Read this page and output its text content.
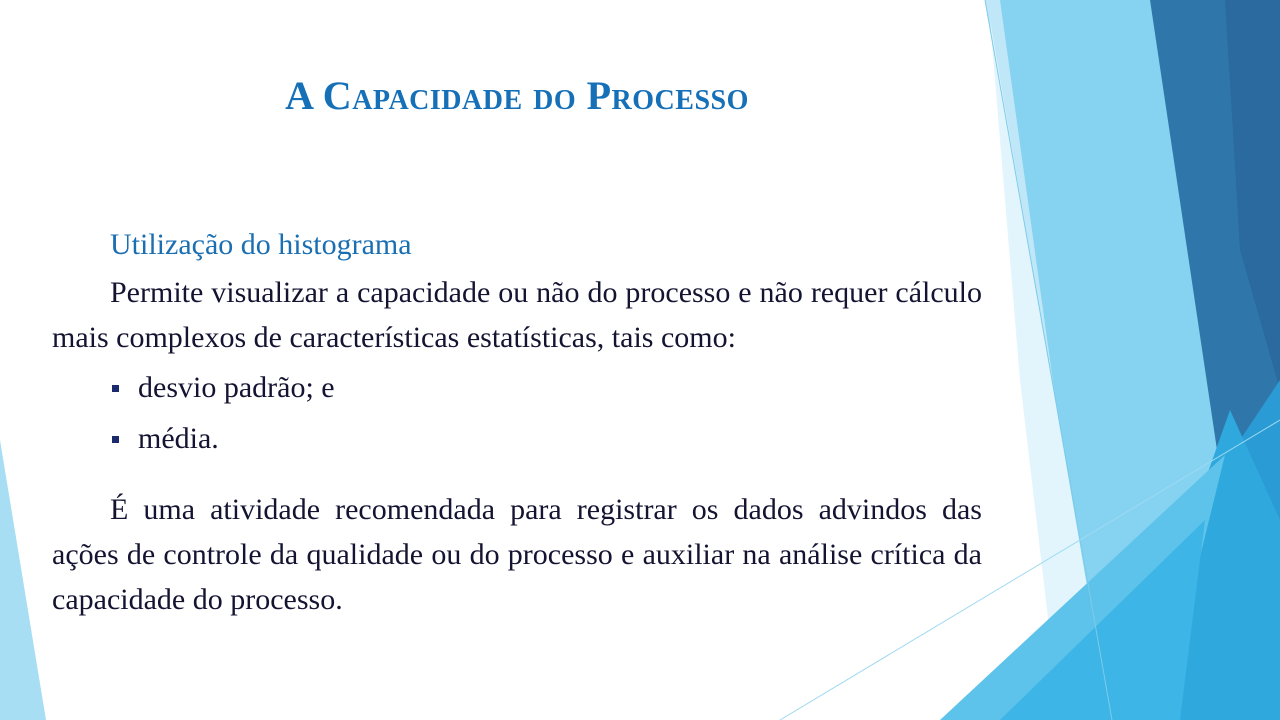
A Capacidade do Processo

Utilização do histograma

Permite visualizar a capacidade ou não do processo e não requer cálculo mais complexos de características estatísticas, tais como:

desvio padrão; e
média.

É uma atividade recomendada para registrar os dados advindos das ações de controle da qualidade ou do processo e auxiliar na análise crítica da capacidade do processo.
